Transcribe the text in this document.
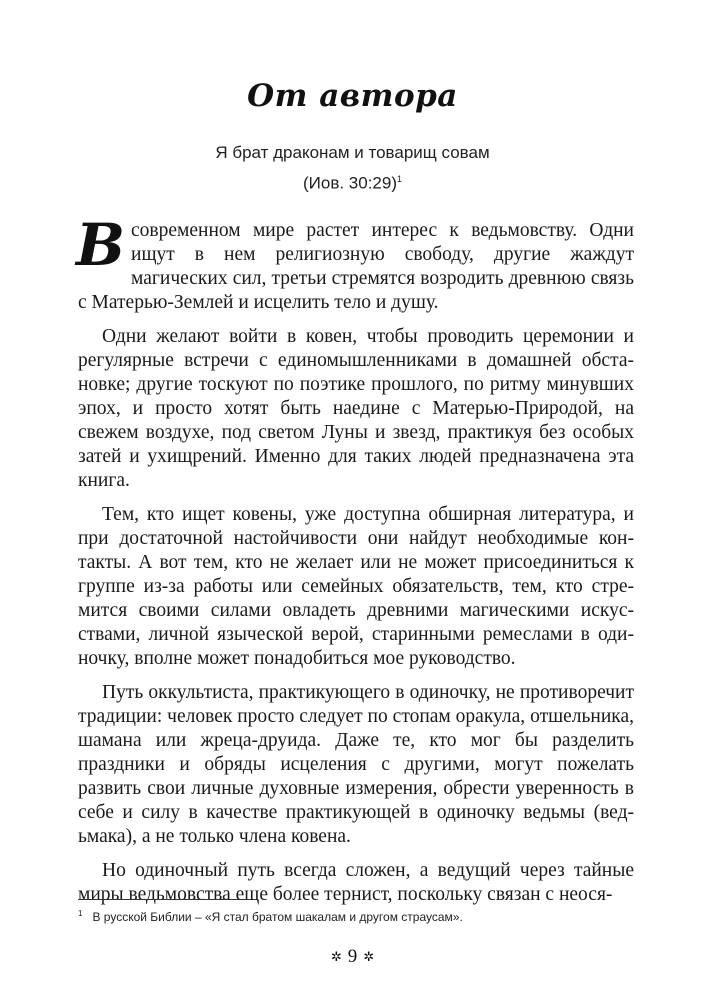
От автора
Я брат драконам и товарищ совам
(Иов. 30:29)$^1$

Всовременном мире растет интерес к ведьмовству. Одни ищут в нем религиозную свободу, другие жаждут магических сил, третьи стремятся возродить древнюю связь с Матерью-Землей и исцелить тело и душу.

Одни желают войти в ковен, чтобы проводить церемонии и регулярные встречи с единомышленниками в домашней обстановке; другие тоскуют по поэтике прошлого, по ритму минувших эпох, и просто хотят быть наедине с Матерью-Природой, на свежем воздухе, под светом Луны и звезд, практикуя без особых затей и ухищрений. Именно для таких людей предназначена эта книга.

Тем, кто ищет ковены, уже доступна обширная литература, и при достаточной настойчивости они найдут необходимые контакты. А вот тем, кто не желает или не может присоединиться к группе из-за работы или семейных обязательств, тем, кто стремится своими силами овладеть древними магическими искусствами, личной языческой верой, старинными ремеслами в одиночку, вполне может понадобиться мое руководство.

Путь оккультиста, практикующего в одиночку, не противоречит традиции: человек просто следует по стопам оракула, отшельника, шамана или жреца-друида. Даже те, кто мог бы разделить праздники и обряды исцеления с другими, могут пожелать развить свои личные духовные измерения, обрести уверенность в себе и силу в качестве практикующей в одиночку ведьмы (ведьмака), а не только члена ковена.

Но одиночный путь всегда сложен, а ведущий через тайные миры ведьмовства еще более тернист, поскольку связан с неося-

$^1$ В русской Библии – «Я стал братом шакалам и другом страусам».
✲ 9 ✲
